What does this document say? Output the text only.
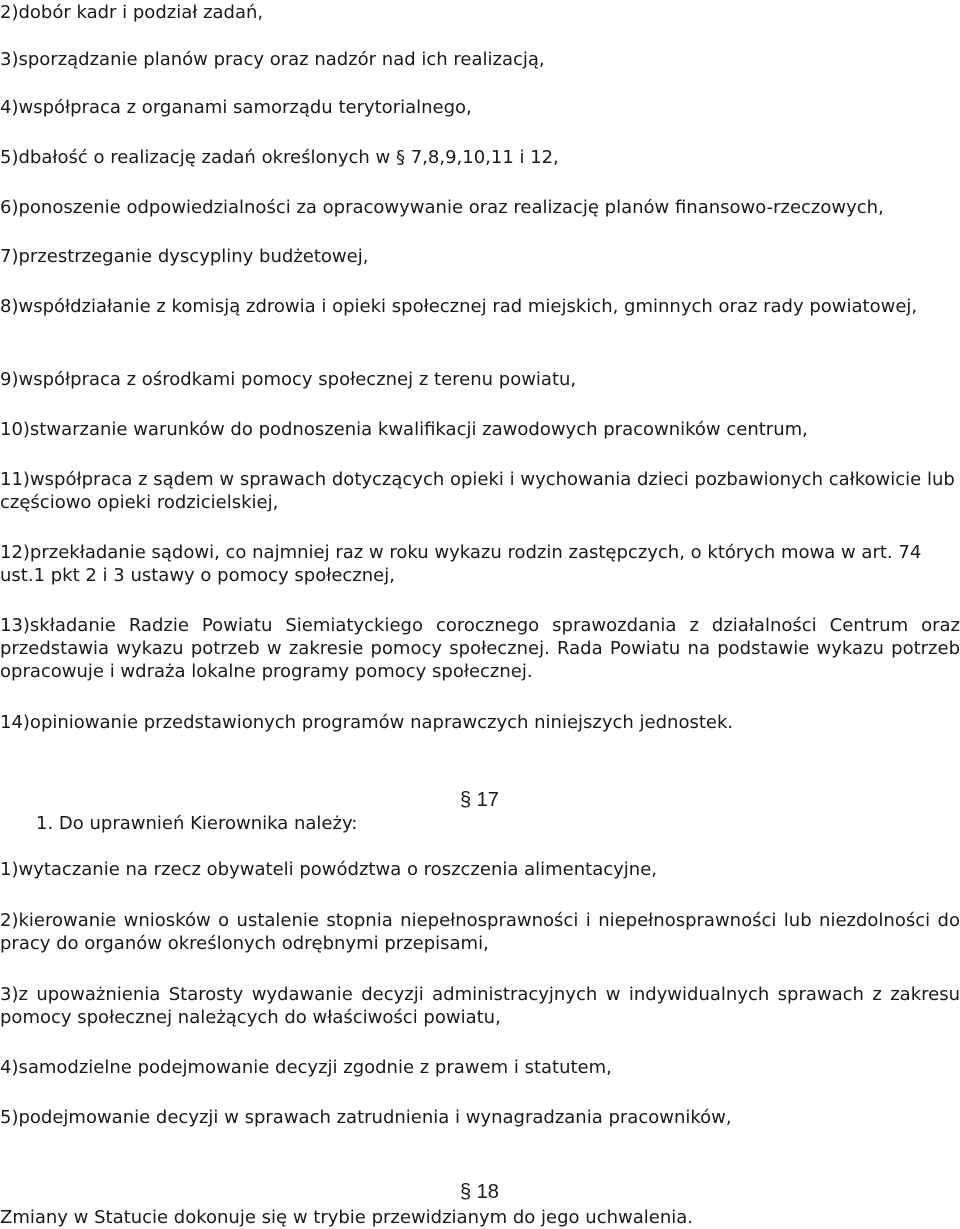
2)dobór kadr i podział zadań,

3)sporządzanie planów pracy oraz nadzór nad ich realizacją,

4)współpraca z organami samorządu terytorialnego,

5)dbałość o realizację zadań określonych w § 7,8,9,10,11 i 12,

6)ponoszenie odpowiedzialności za opracowywanie oraz realizację planów finansowo-rzeczowych,

7)przestrzeganie dyscypliny budżetowej,

8)współdziałanie z komisją zdrowia i opieki społecznej rad miejskich, gminnych oraz rady powiatowej,

9)współpraca z ośrodkami pomocy społecznej z terenu powiatu,

10)stwarzanie warunków do podnoszenia kwalifikacji zawodowych pracowników centrum,

11)współpraca z sądem w sprawach dotyczących opieki i wychowania dzieci pozbawionych całkowicie lub częściowo opieki rodzicielskiej,

12)przekładanie sądowi, co najmniej raz w roku wykazu rodzin zastępczych, o których mowa w art. 74 ust.1 pkt 2 i 3 ustawy o pomocy społecznej,

13)składanie Radzie Powiatu Siemiatyckiego corocznego sprawozdania z działalności Centrum oraz przedstawia wykazu potrzeb w zakresie pomocy społecznej. Rada Powiatu na podstawie wykazu potrzeb opracowuje i wdraża lokalne programy pomocy społecznej.

14)opiniowanie przedstawionych programów naprawczych niniejszych jednostek.

§ 17
1. Do uprawnień Kierownika należy:

1)wytaczanie na rzecz obywateli powództwa o roszczenia alimentacyjne,

2)kierowanie wniosków o ustalenie stopnia niepełnosprawności i niepełnosprawności lub niezdolności do pracy do organów określonych odrębnymi przepisami,

3)z upoważnienia Starosty wydawanie decyzji administracyjnych w indywidualnych sprawach z zakresu pomocy społecznej należących do właściwości powiatu,

4)samodzielne podejmowanie decyzji zgodnie z prawem i statutem,

5)podejmowanie decyzji w sprawach zatrudnienia i wynagradzania pracowników,

§ 18

Zmiany w Statucie dokonuje się w trybie przewidzianym do jego uchwalenia.
